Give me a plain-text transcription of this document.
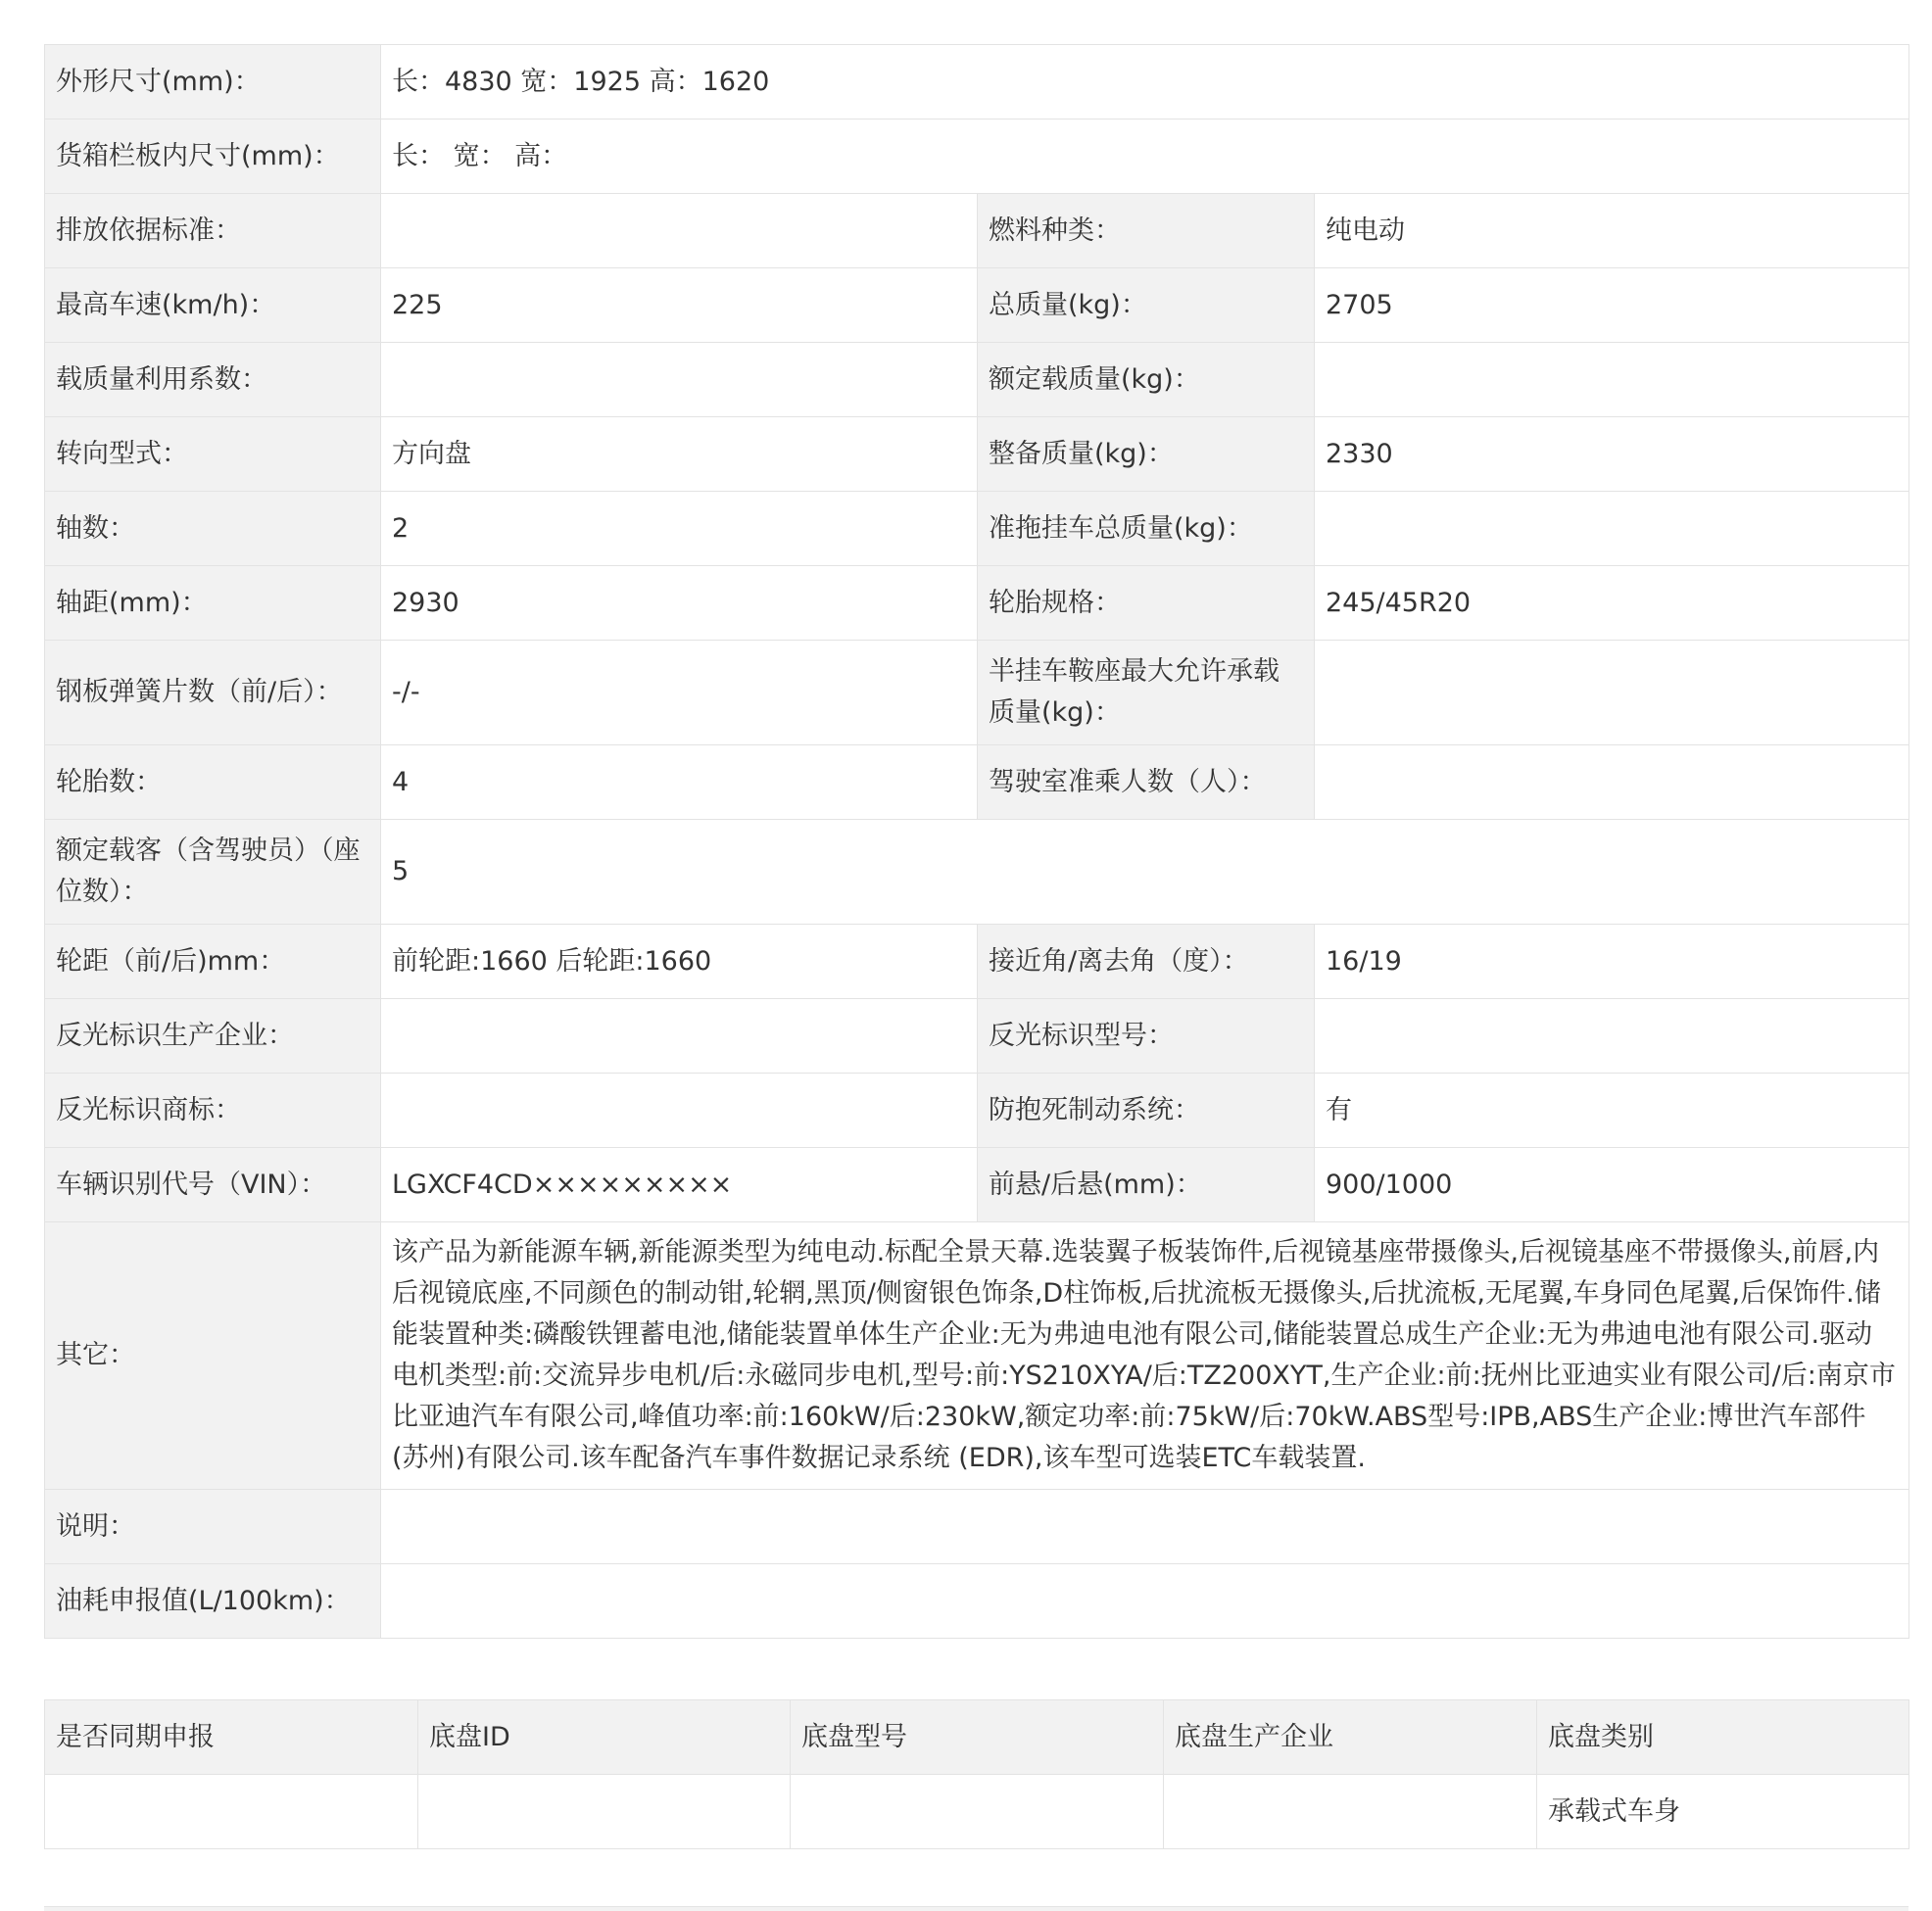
外形尺寸(mm)：	长：4830 宽：1925 高：1620		
货箱栏板内尺寸(mm)：	长： 宽： 高：		
排放依据标准：		燃料种类：	纯电动
最高车速(km/h)：	225	总质量(kg)：	2705
载质量利用系数：		额定载质量(kg)：	
转向型式：	方向盘	整备质量(kg)：	2330
轴数：	2	准拖挂车总质量(kg)：	
轴距(mm)：	2930	轮胎规格：	245/45R20
钢板弹簧片数（前/后）：	-/-	半挂车鞍座最大允许承载质量(kg)：	
轮胎数：	4	驾驶室准乘人数（人）：	
额定载客（含驾驶员）（座位数）：	5		
轮距（前/后)mm：	前轮距:1660 后轮距:1660	接近角/离去角（度）：	16/19
反光标识生产企业：		反光标识型号：	
反光标识商标：		防抱死制动系统：	有
车辆识别代号（VIN）：	LGXCF4CD×××××××××	前悬/后悬(mm)：	900/1000
其它：	该产品为新能源车辆,新能源类型为纯电动.标配全景天幕.选装翼子板装饰件,后视镜基座带摄像头,后视镜基座不带摄像头,前唇,内后视镜底座,不同颜色的制动钳,轮辋,黑顶/侧窗银色饰条,D柱饰板,后扰流板无摄像头,后扰流板,无尾翼,车身同色尾翼,后保饰件.储能装置种类:磷酸铁锂蓄电池,储能装置单体生产企业:无为弗迪电池有限公司,储能装置总成生产企业:无为弗迪电池有限公司.驱动电机类型:前:交流异步电机/后:永磁同步电机,型号:前:YS210XYA/后:TZ200XYT,生产企业:前:抚州比亚迪实业有限公司/后:南京市比亚迪汽车有限公司,峰值功率:前:160kW/后:230kW,额定功率:前:75kW/后:70kW.ABS型号:IPB,ABS生产企业:博世汽车部件(苏州)有限公司.该车配备汽车事件数据记录系统 (EDR),该车型可选装ETC车载装置.		
说明：			
油耗申报值(L/100km)：			
是否同期申报	底盘ID	底盘型号	底盘生产企业	底盘类别
				承载式车身
